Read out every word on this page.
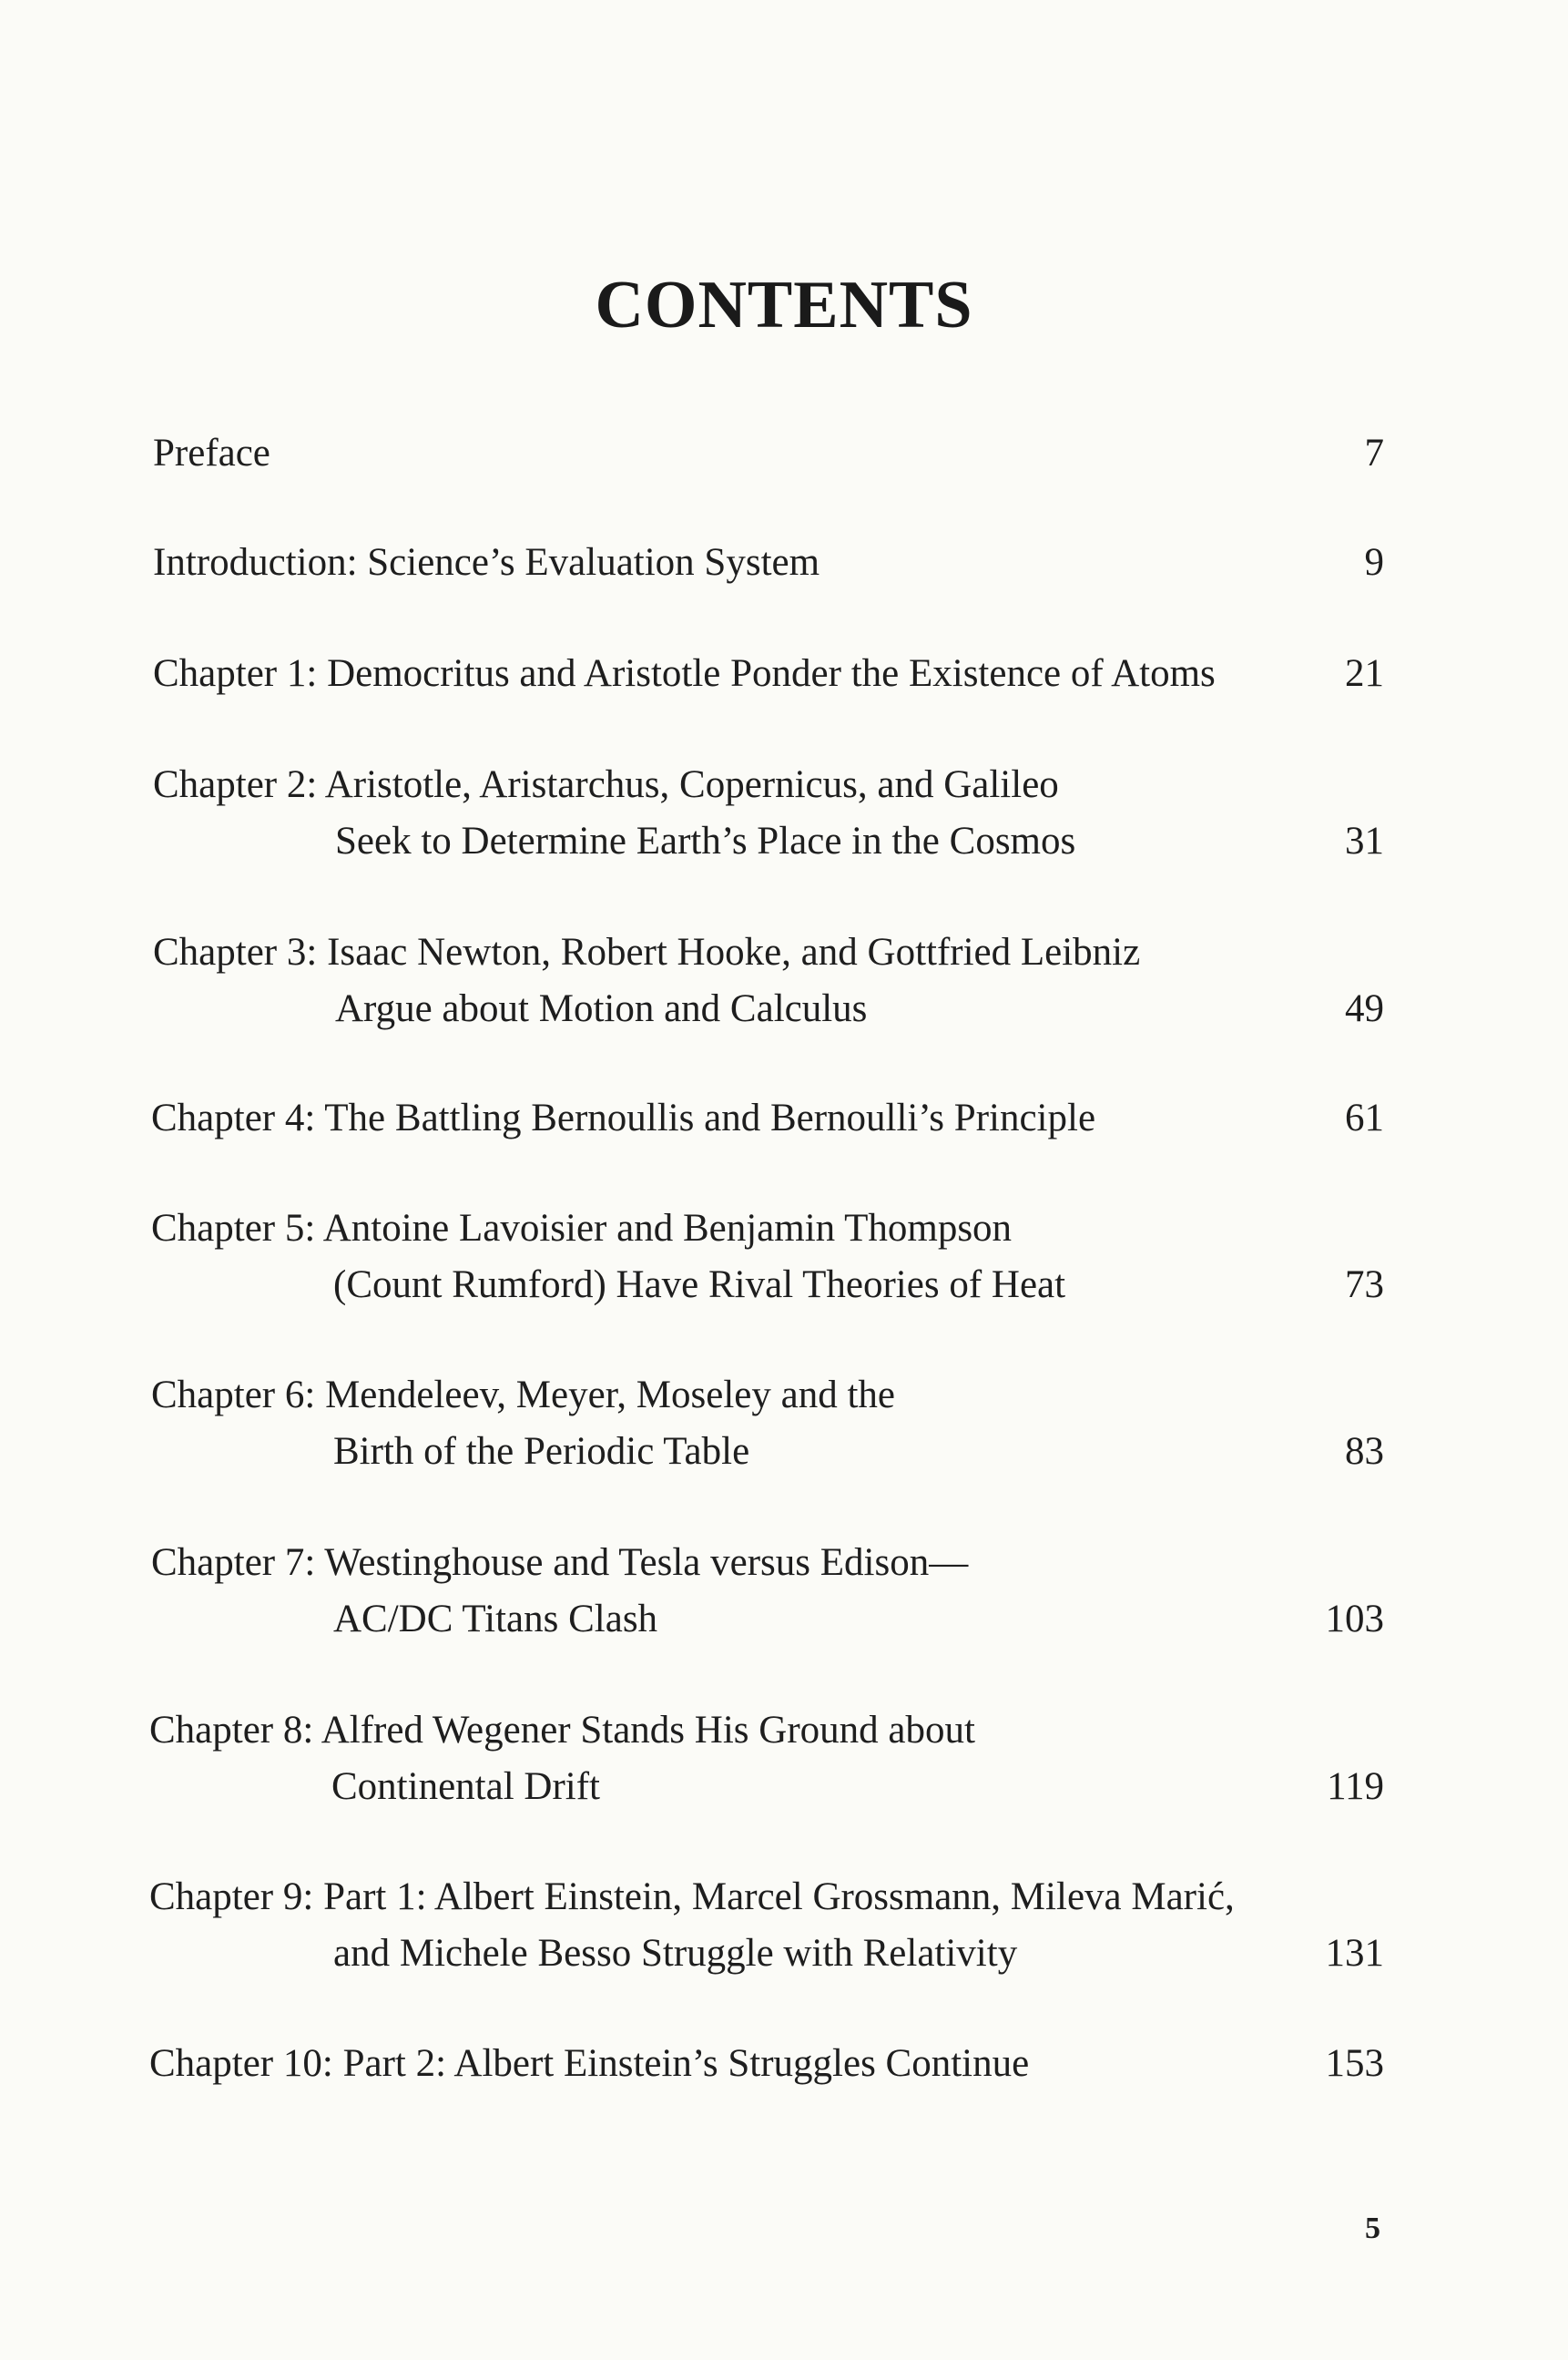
CONTENTS
Preface	7
Introduction: Science’s Evaluation System	9
Chapter 1: Democritus and Aristotle Ponder the Existence of Atoms	21
Chapter 2: Aristotle, Aristarchus, Copernicus, and Galileo
Seek to Determine Earth’s Place in the Cosmos	31
Chapter 3: Isaac Newton, Robert Hooke, and Gottfried Leibniz
Argue about Motion and Calculus	49
Chapter 4: The Battling Bernoullis and Bernoulli’s Principle	61
Chapter 5: Antoine Lavoisier and Benjamin Thompson
(Count Rumford) Have Rival Theories of Heat	73
Chapter 6: Mendeleev, Meyer, Moseley and the
Birth of the Periodic Table	83
Chapter 7: Westinghouse and Tesla versus Edison—
AC/DC Titans Clash	103
Chapter 8: Alfred Wegener Stands His Ground about
Continental Drift	119
Chapter 9: Part 1: Albert Einstein, Marcel Grossmann, Mileva Marić,
and Michele Besso Struggle with Relativity	131
Chapter 10: Part 2: Albert Einstein’s Struggles Continue	153
5
